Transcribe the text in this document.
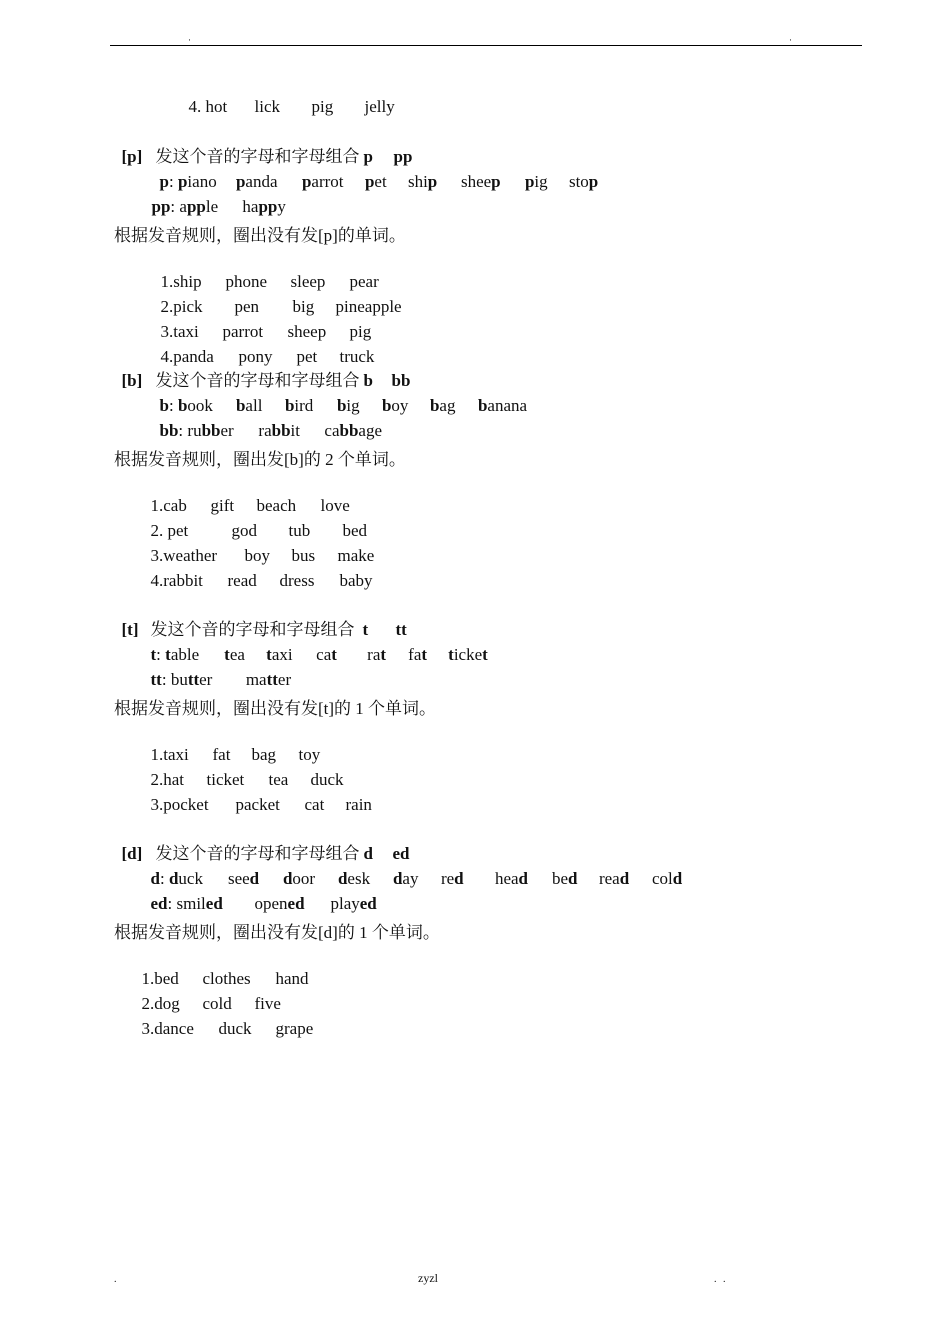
·	·

4. hot lick pig jelly

[p] 发这个音的字母和字母组合 p pp

p: piano panda parrot pet ship sheep pig stop

pp: apple happy

根据发音规则，圈出没有发[p]的单词。

1.ship phone sleep pear

2.pick pen big pineapple

3.taxi parrot sheep pig

4.panda pony pet truck

[b] 发这个音的字母和字母组合 b bb

b: book ball bird big boy bag banana

bb: rubber rabbit cabbage

根据发音规则，圈出发[b]的 2 个单词。

1.cab gift beach love

2. pet	god tub bed

3.weather boy bus make

4.rabbit read dress baby

[t] 发这个音的字母和字母组合 t tt

t: table tea taxi cat rat fat ticket

tt: butter matter

根据发音规则，圈出没有发[t]的 1 个单词。

1.taxi fat bag toy

2.hat ticket tea duck

3.pocket packet cat rain

[d] 发这个音的字母和字母组合 d ed

d: duck seed door desk day red head bed read cold

ed: smiled opened played

根据发音规则，圈出没有发[d]的 1 个单词。

1.bed clothes hand

2.dog cold five

3.dance duck grape

.	zyzl	. .
